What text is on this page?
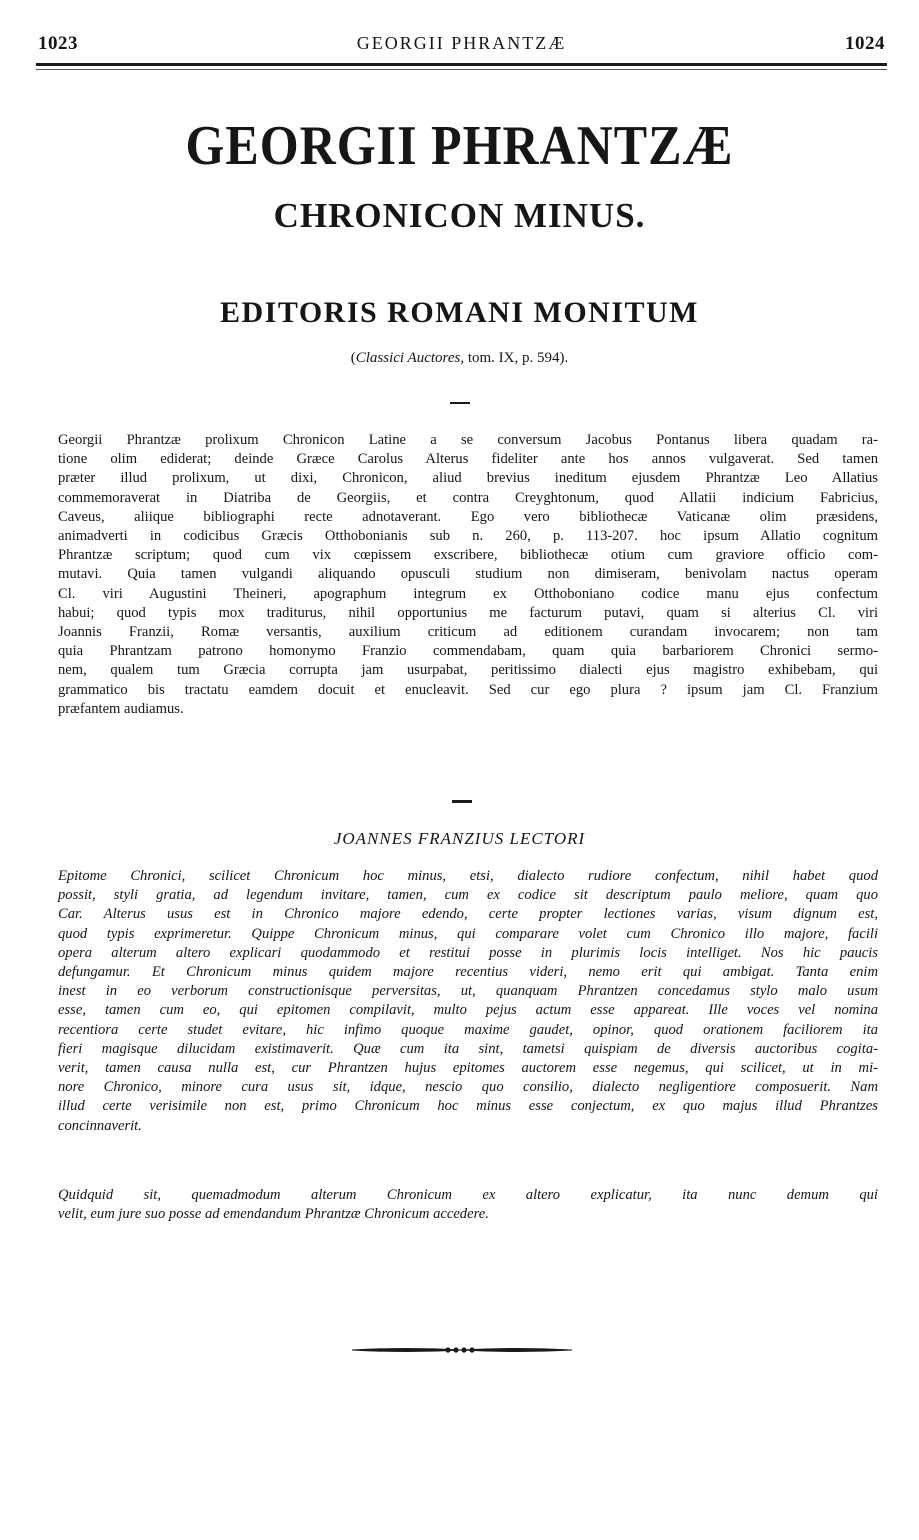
1023	GEORGII PHRANTZÆ	1024
GEORGII PHRANTZÆ
CHRONICON MINUS.
EDITORIS ROMANI MONITUM
(Classici Auctores, tom. IX, p. 594).
Georgii Phrantzæ prolixum Chronicon Latine a se conversum Jacobus Pontanus libera quadam ra-
tione olim ediderat; deinde Græce Carolus Alterus fideliter ante hos annos vulgaverat. Sed tamen
præter illud prolixum, ut dixi, Chronicon, aliud brevius ineditum ejusdem Phrantzæ Leo Allatius
commemoraverat in Diatriba de Georgiis, et contra Creyghtonum, quod Allatii indicium Fabricius,
Caveus, aliique bibliographi recte adnotaverant. Ego vero bibliothecæ Vaticanæ olim præsidens,
animadverti in codicibus Græcis Otthobonianis sub n. 260, p. 113-207. hoc ipsum Allatio cognitum
Phrantzæ scriptum; quod cum vix cœpissem exscribere, bibliothecæ otium cum graviore officio com-
mutavi. Quia tamen vulgandi aliquando opusculi studium non dimiseram, benivolam nactus operam
Cl. viri Augustini Theineri, apographum integrum ex Otthoboniano codice manu ejus confectum
habui; quod typis mox traditurus, nihil opportunius me facturum putavi, quam si alterius Cl. viri
Joannis Franzii, Romæ versantis, auxilium criticum ad editionem curandam invocarem; non tam
quia Phrantzam patrono homonymo Franzio commendabam, quam quia barbariorem Chronici sermo-
nem, qualem tum Græcia corrupta jam usurpabat, peritissimo dialecti ejus magistro exhibebam, qui
grammatico bis tractatu eamdem docuit et enucleavit. Sed cur ego plura ? ipsum jam Cl. Franzium
præfantem audiamus.
JOANNES FRANZIUS LECTORI
Epitome Chronici, scilicet Chronicum hoc minus, etsi, dialecto rudiore confectum, nihil habet quod
possit, styli gratia, ad legendum invitare, tamen, cum ex codice sit descriptum paulo meliore, quam quo
Car. Alterus usus est in Chronico majore edendo, certe propter lectiones varias, visum dignum est,
quod typis exprimeretur. Quippe Chronicum minus, qui comparare volet cum Chronico illo majore, facili
opera alterum altero explicari quodammodo et restitui posse in plurimis locis intelliget. Nos hic paucis
defungamur. Et Chronicum minus quidem majore recentius videri, nemo erit qui ambigat. Tanta enim
inest in eo verborum constructionisque perversitas, ut, quanquam Phrantzen concedamus stylo malo usum
esse, tamen cum eo, qui epitomen compilavit, multo pejus actum esse appareat. Ille voces vel nomina
recentiora certe studet evitare, hic infimo quoque maxime gaudet, opinor, quod orationem faciliorem ita
fieri magisque dilucidam existimaverit. Quæ cum ita sint, tametsi quispiam de diversis auctoribus cogita-
verit, tamen causa nulla est, cur Phrantzen hujus epitomes auctorem esse negemus, qui scilicet, ut in mi-
nore Chronico, minore cura usus sit, idque, nescio quo consilio, dialecto negligentiore composuerit. Nam
illud certe verisimile non est, primo Chronicum hoc minus esse conjectum, ex quo majus illud Phrantzes
concinnaverit.
Quidquid sit, quemadmodum alterum Chronicum ex altero explicatur, ita nunc demum qui
velit, eum jure suo posse ad emendandum Phrantzæ Chronicum accedere.
